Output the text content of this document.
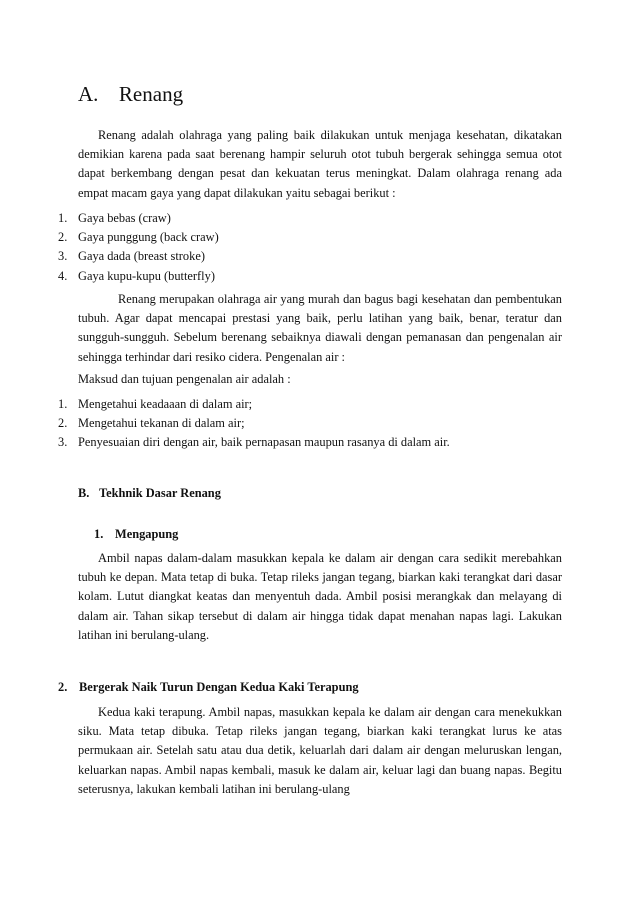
A. Renang
Renang adalah olahraga yang paling baik dilakukan untuk menjaga kesehatan, dikatakan demikian karena pada saat berenang hampir seluruh otot tubuh bergerak sehingga semua otot dapat berkembang dengan pesat dan kekuatan terus meningkat. Dalam olahraga renang ada empat macam gaya yang dapat dilakukan yaitu sebagai berikut :
1. Gaya bebas (craw)
2. Gaya punggung (back craw)
3. Gaya dada (breast stroke)
4. Gaya kupu-kupu (butterfly)
Renang merupakan olahraga air yang murah dan bagus bagi kesehatan dan pembentukan tubuh. Agar dapat mencapai prestasi yang baik, perlu latihan yang baik, benar, teratur dan sungguh-sungguh. Sebelum berenang sebaiknya diawali dengan pemanasan dan pengenalan air sehingga terhindar dari resiko cidera. Pengenalan air :
Maksud dan tujuan pengenalan air adalah :
1. Mengetahui keadaaan di dalam air;
2. Mengetahui tekanan di dalam air;
3. Penyesuaian diri dengan air, baik pernapasan maupun rasanya di dalam air.
B. Tekhnik Dasar Renang
1. Mengapung
Ambil napas dalam-dalam masukkan kepala ke dalam air dengan cara sedikit merebahkan tubuh ke depan. Mata tetap di buka. Tetap rileks jangan tegang, biarkan kaki terangkat dari dasar kolam. Lutut diangkat keatas dan menyentuh dada. Ambil posisi merangkak dan melayang di dalam air. Tahan sikap tersebut di dalam air hingga tidak dapat menahan napas lagi. Lakukan latihan ini berulang-ulang.
2. Bergerak Naik Turun Dengan Kedua Kaki Terapung
Kedua kaki terapung. Ambil napas, masukkan kepala ke dalam air dengan cara menekukkan siku. Mata tetap dibuka. Tetap rileks jangan tegang, biarkan kaki terangkat lurus ke atas permukaan air. Setelah satu atau dua detik, keluarlah dari dalam air dengan meluruskan lengan, keluarkan napas. Ambil napas kembali, masuk ke dalam air, keluar lagi dan buang napas. Begitu seterusnya, lakukan kembali latihan ini berulang-ulang
